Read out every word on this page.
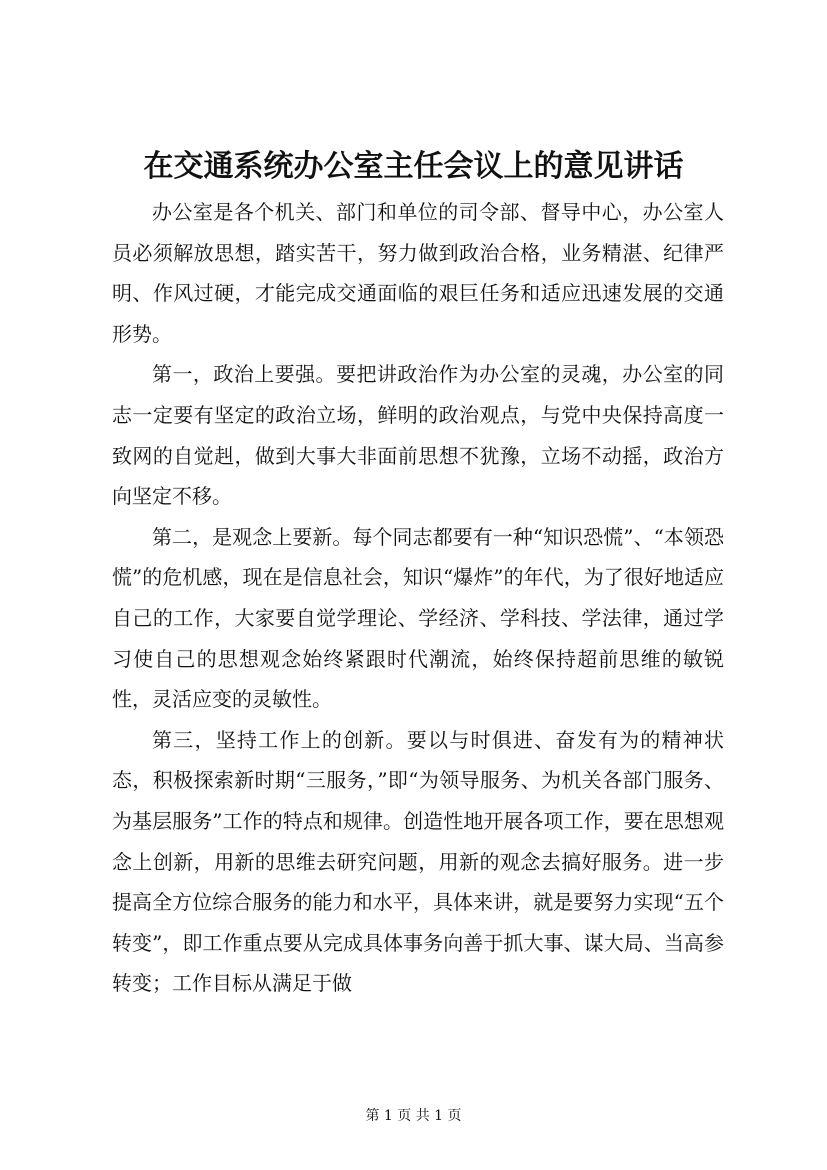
在交通系统办公室主任会议上的意见讲话

办公室是各个机关、部门和单位的司令部、督导中心，办公室人员必须解放思想，踏实苦干，努力做到政治合格，业务精湛、纪律严明、作风过硬，才能完成交通面临的艰巨任务和适应迅速发展的交通形势。

第一，政治上要强。要把讲政治作为办公室的灵魂，办公室的同志一定要有坚定的政治立场，鲜明的政治观点，与党中央保持高度一致网的自觉赳，做到大事大非面前思想不犹豫，立场不动摇，政治方向坚定不移。

第二，是观念上要新。每个同志都要有一种“知识恐慌”、“本领恐慌”的危机感，现在是信息社会，知识“爆炸”的年代，为了很好地适应自己的工作，大家要自觉学理论、学经济、学科技、学法律，通过学习使自己的思想观念始终紧跟时代潮流，始终保持超前思维的敏锐性，灵活应变的灵敏性。

第三，坚持工作上的创新。要以与时俱进、奋发有为的精神状态，积极探索新时期“三服务，”即“为领导服务、为机关各部门服务、为基层服务”工作的特点和规律。创造性地开展各项工作，要在思想观念上创新，用新的思维去研究问题，用新的观念去搞好服务。进一步提高全方位综合服务的能力和水平，具体来讲，就是要努力实现“五个转变”，即工作重点要从完成具体事务向善于抓大事、谋大局、当高参转变；工作目标从满足于做

第 1 页 共 1 页
